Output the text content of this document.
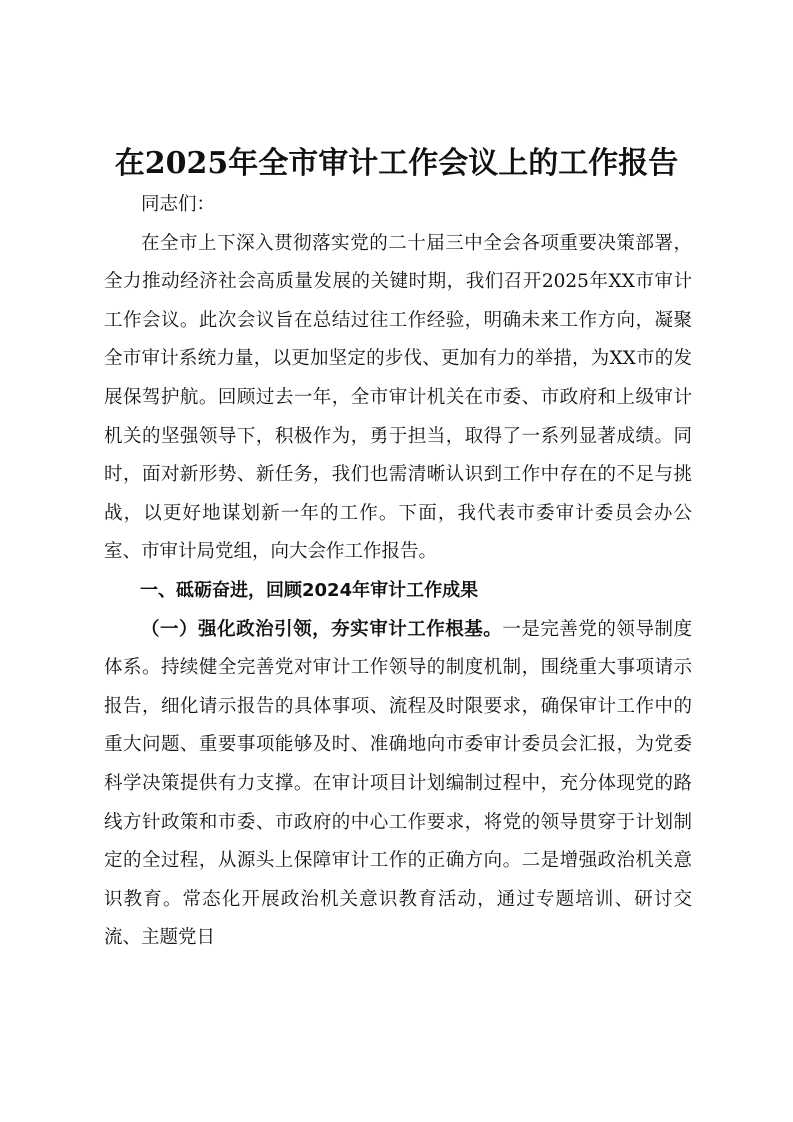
在2025年全市审计工作会议上的工作报告

同志们：

在全市上下深入贯彻落实党的二十届三中全会各项重要决策部署，全力推动经济社会高质量发展的关键时期，我们召开2025年XX市审计工作会议。此次会议旨在总结过往工作经验，明确未来工作方向，凝聚全市审计系统力量，以更加坚定的步伐、更加有力的举措，为XX市的发展保驾护航。回顾过去一年，全市审计机关在市委、市政府和上级审计机关的坚强领导下，积极作为，勇于担当，取得了一系列显著成绩。同时，面对新形势、新任务，我们也需清晰认识到工作中存在的不足与挑战，以更好地谋划新一年的工作。下面，我代表市委审计委员会办公室、市审计局党组，向大会作工作报告。

一、砥砺奋进，回顾2024年审计工作成果

（一）强化政治引领，夯实审计工作根基。一是完善党的领导制度体系。持续健全完善党对审计工作领导的制度机制，围绕重大事项请示报告，细化请示报告的具体事项、流程及时限要求，确保审计工作中的重大问题、重要事项能够及时、准确地向市委审计委员会汇报，为党委科学决策提供有力支撑。在审计项目计划编制过程中，充分体现党的路线方针政策和市委、市政府的中心工作要求，将党的领导贯穿于计划制定的全过程，从源头上保障审计工作的正确方向。二是增强政治机关意识教育。常态化开展政治机关意识教育活动，通过专题培训、研讨交流、主题党日
